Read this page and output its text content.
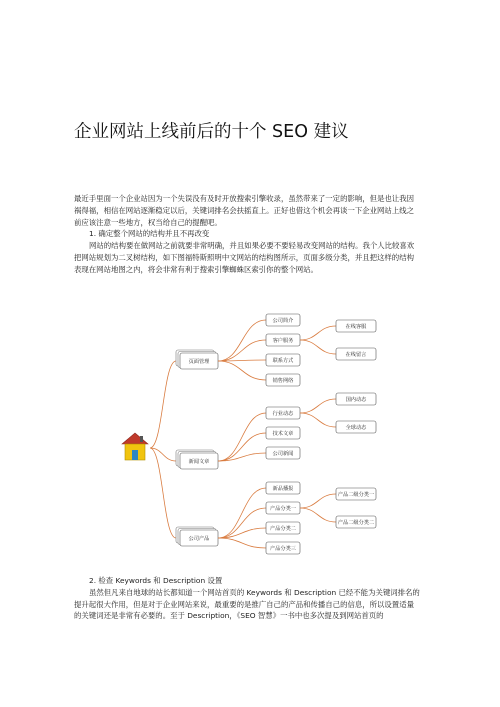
企业网站上线前后的十个 SEO 建议
最近手里面一个企业站因为一个失误没有及时开放搜索引擎收录，虽然带来了一定的影响，但是也让我因
祸得福，相信在网站逐渐稳定以后，关键词排名会扶摇直上。正好也借这个机会再谈一下企业网站上线之
前应该注意一些地方，权当给自己的提醒吧。
1. 确定整个网站的结构并且不再改变
网站的结构要在做网站之前就要非常明确，并且如果必要不要轻易改变网站的结构。我个人比较喜欢
把网站规划为二叉树结构，如下图福特斯照明中文网站的结构图所示，页面多级分类，并且把这样的结构
表现在网站地图之内，将会非常有利于搜索引擎蜘蛛区索引你的整个网站。
页面管理
公司简介
客户服务
在线客服
在线留言
联系方式
销售网络
新闻文章
行业动态
国内动态
全球动态
技术文章
公司新闻
公司产品
新品播报
产品分类一
产品二级分类一
产品二级分类二
产品分类二
产品分类三
2. 检查 Keywords 和 Description 设置
虽然但凡来自地球的站长都知道一个网站首页的 Keywords 和 Description 已经不能为关键词排名的
提升起很大作用，但是对于企业网站来说，最重要的是推广自己的产品和传播自己的信息，所以设置适量
的关键词还是非常有必要的。至于 Description，《SEO 智慧》一书中也多次提及到网站首页的
